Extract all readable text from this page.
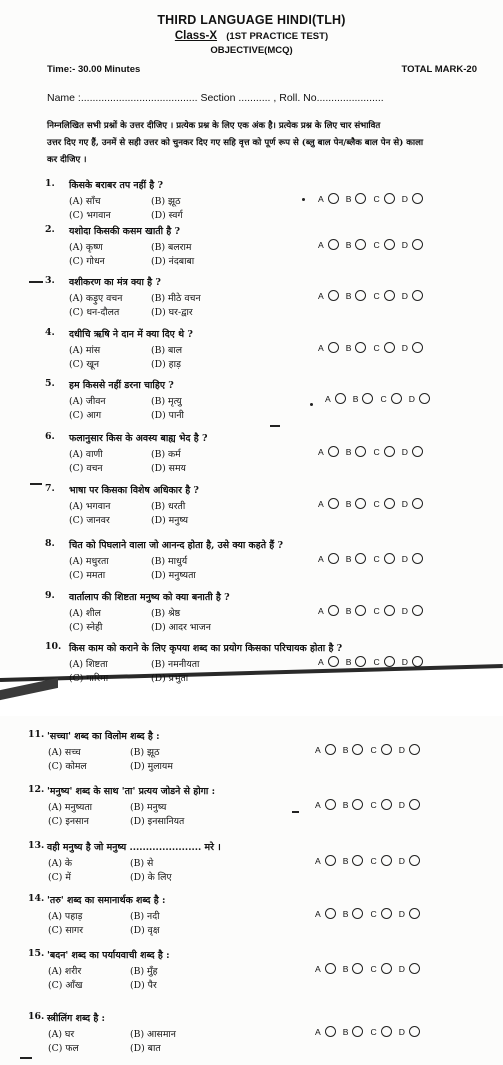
THIRD LANGUAGE HINDI(TLH)
Class-X (1ST PRACTICE TEST)
OBJECTIVE(MCQ)
Time:- 30.00 Minutes	TOTAL MARK-20
Name :........................................ Section ........... , Roll. No.......................
निम्नलिखित सभी प्रश्नों के उत्तर दीजिए । प्रत्येक प्रश्न के लिए एक अंक है। प्रत्येक प्रश्न के लिए चार संभावित
उत्तर दिए गए हैं, उनमें से सही उत्तर को चुनकर दिए गए सहि वृत्त को पूर्ण रूप से (ब्लु बाल पेन/ब्लैक बाल पेन से) काला
कर दीजिए ।
1. किसके बराबर तप नहीं है ?
(A) साँच	(B) झूठ
(C) भगवान	(D) स्वर्ग
A	B	C	D
2. यशोदा किसकी कसम खाती है ?
(A) कृष्ण	(B) बलराम
(C) गोधन	(D) नंदबाबा
A	B	C	D
3. वशीकरण का मंत्र क्या है ?
(A) कड़ुए वचन	(B) मीठे वचन
(C) धन-दौलत	(D) घर-द्वार
A	B	C	D
4. दधीचि ऋषि ने दान में क्या दिए थे ?
(A) मांस	(B) बाल
(C) खून	(D) हाड़
A	B	C	D
5. हम किससे नहीं डरना चाहिए ?
(A) जीवन	(B) मृत्यु
(C) आग	(D) पानी
A	B	C	D
6. फलानुसार किस के अवस्य बाह्य भेद है ?
(A) वाणी	(B) कर्म
(C) वचन	(D) समय
A	B	C	D
7. भाषा पर किसका विशेष अधिकार है ?
(A) भगवान	(B) धरती
(C) जानवर	(D) मनुष्य
A	B	C	D
8. चित को पिघलाने वाला जो आनन्द होता है, उसे क्या कहते हैं ?
(A) मधुरता	(B) माधुर्य
(C) ममता	(D) मनुष्यता
A	B	C	D
9. वार्तालाप की शिष्टता मनुष्य को क्या बनाती है ?
(A) शील	(B) श्रेष्ठ
(C) स्नेही	(D) आदर भाजन
A	B	C	D
10. किस काम को कराने के लिए कृपया शब्द का प्रयोग किसका परिचायक होता है ?
(A) शिष्टता	(B) नमनीयता
(C) गारिमा	(D) प्रभुता
A	B	C	D
11. 'सच्चा' शब्द का विलोम शब्द है :
(A) सच्च	(B) झूठ
(C) कोमल	(D) मुलायम
A	B	C	D
12. 'मनुष्य' शब्द के साथ 'ता' प्रत्यय जोडने से होगा :
(A) मनुष्यता	(B) मनुष्य
(C) इनसान	(D) इनसानियत
A	B	C	D
13. वही मनुष्य है जो मनुष्य ...................... मरे ।
(A) के	(B) से
(C) में	(D) के लिए
A	B	C	D
14. 'तरु' शब्द का समानार्थक शब्द है :
(A) पहाड़	(B) नदी
(C) सागर	(D) वृक्ष
A	B	C	D
15. 'बदन' शब्द का पर्यायवाची शब्द है :
(A) शरीर	(B) मुँह
(C) आँख	(D) पैर
A	B	C	D
16. स्त्रीलिंग शब्द है :
(A) घर	(B) आसमान
(C) फल	(D) बात
A	B	C	D
